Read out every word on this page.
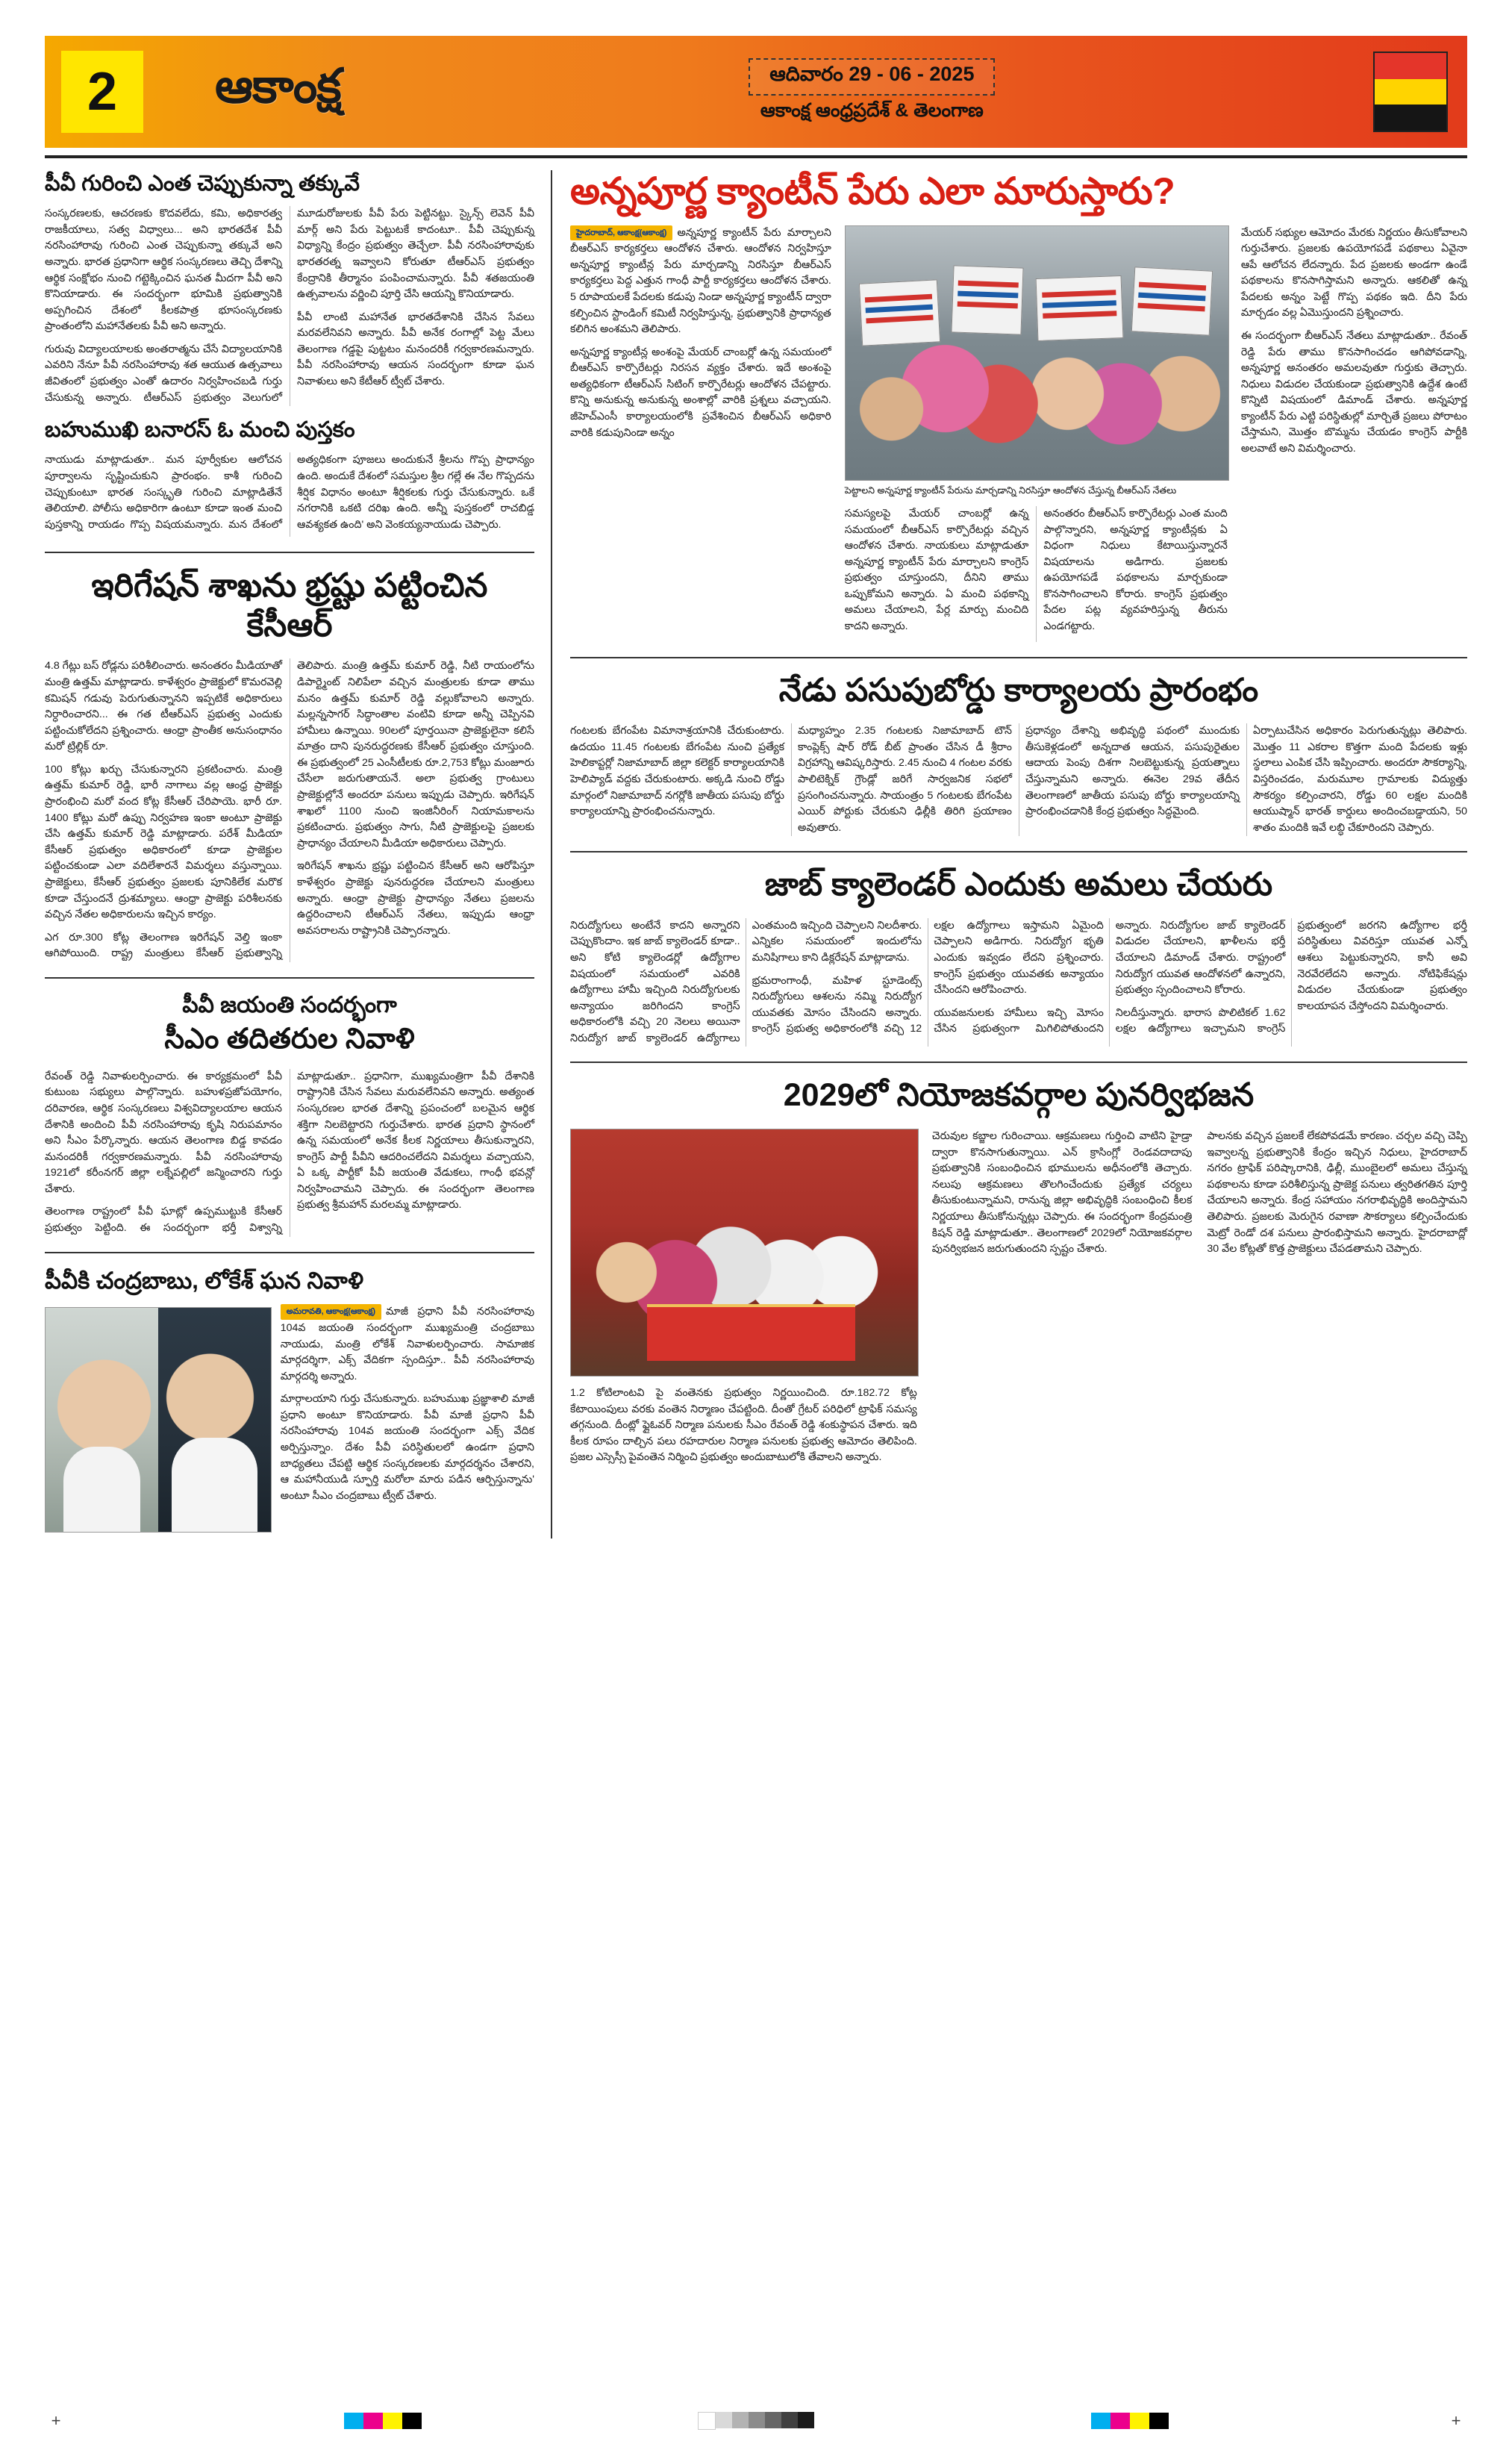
2	ఆకాంక్ష	ఆదివారం 29 - 06 - 2025
ఆకాంక్ష ఆంధ్రప్రదేశ్ & తెలంగాణ
పీవీ గురించి ఎంత చెప్పుకున్నా తక్కువే

సంస్కరణలకు, ఆచరణకు కొదవలేదు, కమి, అధికారత్వ రాజకీయాలు, సత్వ విధ్వాలు... అని భారతదేశ పీవీ నరసింహారావు గురించి ఎంత చెప్పుకున్నా తక్కువే అని అన్నారు. భారత ప్రధానిగా ఆర్థిక సంస్కరణలు తెచ్చి దేశాన్ని ఆర్థిక సంక్షోభం నుంచి గట్టెక్కించిన ఘనత మీదగా పీవీ అని కొనియాడారు. ఈ సందర్భంగా భూమికి ప్రభుత్వానికి అప్పగించిన దేశంలో కీలకపాత్ర భూసంస్కరణకు ప్రాంతంలోని మహానేతలకు పీవీ అని అన్నారు.

గురువు విద్యాలయాలకు అంతరాత్మను చేసే విద్యాలయానికి ఎవరిని నేనూ పీవీ నరసింహారావు శత ఆయుత ఉత్సవాలు జీవితంలో ప్రభుత్వం ఎంతో ఉదారం నిర్వహించబడి గుర్తు చేసుకున్న అన్నారు. టీఆర్ఎస్ ప్రభుత్వం వెలుగులో మూడురోజులకు పీవీ పేరు పెట్టినట్టు. స్కైన్స్ లెవెన్ పీవీ మార్గ్ అని పేరు పెట్టుటకే కాదంటూ.. పీవీ చెప్పుకున్న విధ్యాన్ని కేంద్రం ప్రభుత్వం తెచ్చేలా. పీవీ నరసింహారావుకు భారతరత్న ఇవ్వాలని కోరుతూ టీఆర్ఎస్ ప్రభుత్వం కేంద్రానికి తీర్మానం పంపించామన్నారు. పీవీ శతజయంతి ఉత్సవాలను వర్ణించి పూర్తి చేసి ఆయన్ని కొనియాడారు.

పీవీ లాంటి మహానేత భారతదేశానికి చేసిన సేవలు మరవలేనివని అన్నారు. పీవీ అనేక రంగాల్లో పెట్ట మేలు తెలంగాణ గడ్డపై పుట్టటం మనందరికీ గర్వకారణమన్నారు. పీవీ నరసింహారావు ఆయన సందర్భంగా కూడా ఘన నివాళులు అని కేటీఆర్ ట్వీట్ చేశారు.

బహుముఖి బనారస్ ఓ మంచి పుస్తకం

నాయుడు మాట్లాడుతూ.. మన పూర్వీకుల ఆలోచన పూర్వాలను సృష్టించుకుని ప్రారంభం. కాశీ గురించి చెప్పుకుంటూ భారత సంస్కృతి గురించి మాట్లాడితేనే తెలియాలి. పోలీసు అధికారిగా ఉంటూ కూడా ఇంత మంచి పుస్తకాన్ని రాయడం గొప్ప విషయమన్నారు. మన దేశంలో అత్యధికంగా పూజలు అందుకునే శ్రీలను గొప్ప ప్రాధాన్యం ఉంది. అందుకే దేశంలో సమస్తుల శ్రీల గల్లే ఈ నేల గొప్పదను శీర్షిక విధానం అంటూ శీర్షికలకు గుర్తు చేసుకున్నారు. ఒకే నగరానికి ఒకటి దరిఖ ఉంది. అన్నీ పుస్తకంలో రాచబిడ్డ ఆవశ్యకత ఉంది' అని వెంకయ్యనాయుడు చెప్పారు.

ఇరిగేషన్ శాఖను భ్రష్టు పట్టించిన కేసీఆర్

4.8 గేట్లు బస్ రోడ్లను పరిశీలించారు. అనంతరం మీడియాతో మంత్రి ఉత్తమ్ మాట్లాడారు. కాళేశ్వరం ప్రాజెక్టులో కొమరవెల్లి కమిషన్ గడువు పెరుగుతున్నానని ఇప్పటికే అధికారులు నిర్ధారించారని... ఈ గత టీఆర్ఎస్ ప్రభుత్వ ఎందుకు పట్టించుకోలేదని ప్రశ్నించారు. ఆంధ్రా ప్రాంతీక అనుసంధానం మరో ట్రిల్లిక్ రూ.

100 కోట్లు ఖర్చు చేసుకున్నారని ప్రకటించారు. మంత్రి ఉత్తమ్ కుమార్ రెడ్డి, భారీ నాగాలు వల్ల ఆంధ్ర ప్రాజెక్టు ప్రారంభించి మరో వంద కోట్ల కేసీఆర్ చేరిపాయె. భారీ రూ. 1400 కోట్లు మరో ఉప్పు నిర్వహణ ఇంకా అంటూ ప్రాజెక్టు చేసి ఉత్తమ్ కుమార్ రెడ్డి మాట్లాడారు. పరేశ్ మీడియా కేసీఆర్ ప్రభుత్వం అధికారంలో కూడా ప్రాజెక్టుల పట్టించకుండా ఎలా వదిలేశారనే విమర్శలు వస్తున్నాయి. ప్రాజెక్టులు, కేసీఆర్ ప్రభుత్వం ప్రజలకు పూనికిలేక మరొక కూడా చేస్తుందనే ద్రుశమ్యాలు. ఆంధ్రా ప్రాజెక్టు పరిశీలనకు వచ్చిన నేతల అధికారులను ఇచ్చిన కార్యం.

ఎగ రూ.300 కోట్ల తెలంగాణ ఇరిగేషన్ వెల్తి ఇంకా ఆగిపోయింది. రాష్ట్ర మంత్రులు కేసీఆర్ ప్రభుత్వాన్ని తెలిపారు. మంత్రి ఉత్తమ్ కుమార్ రెడ్డి, నీటి రాయంలోను డిపార్ట్మెంట్ నిలిపేలా వచ్చిన మంత్రులకు కూడా తాము మనం ఉత్తమ్ కుమార్ రెడ్డి వల్లుకోవాలని అన్నారు. మల్లన్నసాగర్ సిద్ధాంతాల వంటివి కూడా అన్నీ చెప్పినవి హామీలు ఉన్నాయి. 90లలో పూర్తయినా ప్రాజెక్టులైనా కలిసే మాత్రం దాని పునరుద్ధరణకు కేసీఆర్ ప్రభుత్వం చూస్తుంది. ఈ ప్రభుత్వంలో 25 ఎంసీటీలకు రూ.2,753 కోట్లు మంజూరు చేసేలా జరుగుతాయనే. అలా ప్రభుత్వ గ్రాంటులు ప్రాజెక్టుల్లోనే అందరూ పనులు ఇప్పుడు చెప్పారు. ఇరిగేషన్ శాఖలో 1100 నుంచి ఇంజినీరింగ్ నియామకాలను ప్రకటించారు. ప్రభుత్వం సాగు, నీటి ప్రాజెక్టులపై ప్రజలకు ప్రాధాన్యం చేయాలని మీడియా అధికారులు చెప్పారు.

ఇరిగేషన్ శాఖను భ్రష్టు పట్టించిన కేసీఆర్ అని ఆరోపిస్తూ కాళేశ్వరం ప్రాజెక్టు పునరుద్ధరణ చేయాలని మంత్రులు అన్నారు. ఆంధ్రా ప్రాజెక్టు ప్రాధాన్యం నేతలు ప్రజలను ఉద్దరించాలని టీఆర్ఎస్ నేతలు, ఇప్పుడు ఆంధ్రా అవసరాలను రాష్ట్రానికి చెప్పారన్నారు.

పీవీ జయంతి సందర్భంగా
సీఎం తదితరుల నివాళి

రేవంత్ రెడ్డి నివాళులర్పించారు. ఈ కార్యక్రమంలో పీవీ కుటుంబ సభ్యులు పాల్గొన్నారు. బహుళప్రజోపయోగం, దరివారణ, ఆర్థిక సంస్కరణలు విశ్వవిద్యాలయాల ఆయన దేశానికి అందించి పీవీ నరసింహారావు కృషి నిరుపమానం అని సీఎం పేర్కొన్నారు. ఆయన తెలంగాణ బిడ్డ కావడం మనందరికీ గర్వకారణమన్నారు. పీవీ నరసింహారావు 1921లో కరీంనగర్ జిల్లా లక్నేపల్లిలో జన్మించారని గుర్తు చేశారు.

తెలంగాణ రాష్ట్రంలో పీవీ ఘాట్లో ఉప్పముట్టుకి కేసీఆర్ ప్రభుత్వం పెట్టింది. ఈ సందర్భంగా భర్తీ విశ్వాన్ని మాట్లాడుతూ.. ప్రధానిగా, ముఖ్యమంత్రిగా పీవీ దేశానికి రాష్ట్రానికి చేసిన సేవలు మరువలేనివని అన్నారు. అత్యంత సంస్కరణల భారత దేశాన్ని ప్రపంచంలో బలమైన ఆర్థిక శక్తిగా నిలబెట్టారని గుర్తుచేశారు. భారత ప్రధాని స్థానంలో ఉన్న సమయంలో అనేక కీలక నిర్ణయాలు తీసుకున్నారని, కాంగ్రెస్ పార్టీ పీవీని ఆదరించలేదని విమర్శలు వచ్చాయని, ఏ ఒక్క పార్టీకో పీవీ జయంతి వేడుకలు, గాంధీ భవన్లో నిర్వహించామని చెప్పారు. ఈ సందర్భంగా తెలంగాణ ప్రభుత్వ శ్రీమహాన్ మరలమ్మ మాట్లాడారు.

పీవీకి చంద్రబాబు, లోకేశ్ ఘన నివాళి

అమరావతి, ఆకాంక్ష(ఆకాంక్ష) మాజీ ప్రధాని పీవీ నరసింహారావు 104వ జయంతి సందర్భంగా ముఖ్యమంత్రి చంద్రబాబు నాయుడు, మంత్రి లోకేశ్ నివాళులర్పించారు. సామాజిక మార్గదర్శిగా, ఎక్స్ వేదికగా స్పందిస్తూ.. పీవీ నరసింహారావు మార్గదర్శి అన్నారు.

మార్గాలయాని గుర్తు చేసుకున్నారు. బహుముఖ ప్రజ్ఞాశాలి మాజీ ప్రధాని అంటూ కొనియాడారు. పీవీ మాజీ ప్రధాని పీవీ నరసింహారావు 104వ జయంతి సందర్భంగా ఎక్స్ వేదిక అర్పిస్తున్నాం. దేశం పీవీ పరిస్థితులలో ఉండగా ప్రధాని బాధ్యతలు చేపట్టి ఆర్థిక సంస్కరణలకు మార్గదర్శనం చేశారని, ఆ మహానీయుడి స్ఫూర్తి మరోలా మారు పడిన ఆర్పిస్తున్నాను' అంటూ సీఎం చంద్రబాబు ట్వీట్ చేశారు.

అన్నపూర్ణ క్యాంటీన్ పేరు ఎలా మారుస్తారు?

హైదరాబాద్, ఆకాంక్ష(ఆకాంక్ష) అన్నపూర్ణ క్యాంటీన్ పేరు మార్చాలని బీఆర్ఎస్ కార్యకర్తలు ఆందోళన చేశారు. ఆందోళన నిర్వహిస్తూ అన్నపూర్ణ క్యాంటీన్ల పేరు మార్చడాన్ని నిరసిస్తూ బీఆర్ఎస్ కార్యకర్తలు పెద్ద ఎత్తున గాంధీ పార్టీ కార్యకర్తలు ఆందోళన చేశారు. 5 రూపాయలకే పేదలకు కడుపు నిండా అన్నపూర్ణ క్యాంటీన్ ద్వారా కల్పించిన స్టాండింగ్ కమిటీ నిర్వహిస్తున్న, ప్రభుత్వానికి ప్రాధాన్యత కలిగిన అంశమని తెలిపారు.

అన్నపూర్ణ క్యాంటీన్ల అంశంపై మేయర్ చాంబర్లో ఉన్న సమయంలో బీఆర్ఎస్ కార్పొరేటర్లు నిరసన వ్యక్తం చేశారు. ఇదే అంశంపై అత్యధికంగా టీఆర్ఎస్ సిటింగ్ కార్పొరేటర్లు ఆందోళన చేపట్టారు. కొన్ని అనుకున్న అనుకున్న అంశాల్లో వారికి ప్రశ్నలు వచ్చాయని. జీహెచ్ఎంసీ కార్యాలయంలోకి ప్రవేశించిన బీఆర్ఎస్ అధికారి వారికి కడుపునిండా అన్నం

పెట్టాలని అన్నపూర్ణ క్యాంటీన్ పేరును మార్చడాన్ని నిరసిస్తూ ఆందోళన చేస్తున్న బీఆర్ఎస్ నేతలు

సమస్యలపై మేయర్ చాంబర్లో ఉన్న సమయంలో బీఆర్ఎస్ కార్పొరేటర్లు వచ్చిన ఆందోళన చేశారు. నాయకులు మాట్లాడుతూ అన్నపూర్ణ క్యాంటీన్ పేరు మార్చాలని కాంగ్రెస్ ప్రభుత్వం చూస్తుందని, దీనిని తాము ఒప్పుకోమని అన్నారు. ఏ మంచి పథకాన్ని అమలు చేయాలని, పేర్ల మార్పు మంచిది కాదని అన్నారు.

అనంతరం బీఆర్ఎస్ కార్పొరేటర్లు ఎంత మంది పాల్గొన్నారని, అన్నపూర్ణ క్యాంటీన్లకు ఏ విధంగా నిధులు కేటాయిస్తున్నారనే విషయాలను అడిగారు. ప్రజలకు ఉపయోగపడే పథకాలను మార్చకుండా కొనసాగించాలని కోరారు. కాంగ్రెస్ ప్రభుత్వం పేదల పట్ల వ్యవహరిస్తున్న తీరును ఎండగట్టారు.

మేయర్ సభ్యుల ఆమోదం మేరకు నిర్ణయం తీసుకోవాలని గుర్తుచేశారు. ప్రజలకు ఉపయోగపడే పథకాలు ఏవైనా ఆపే ఆలోచన లేదన్నారు. పేద ప్రజలకు అండగా ఉండే పథకాలను కొనసాగిస్తామని అన్నారు. ఆకలితో ఉన్న పేదలకు అన్నం పెట్టే గొప్ప పథకం ఇది. దీని పేరు మార్చడం వల్ల ఏమొస్తుందని ప్రశ్నించారు.

ఈ సందర్భంగా బీఆర్ఎస్ నేతలు మాట్లాడుతూ.. రేవంత్ రెడ్డి పేరు తాము కొనసాగించడం ఆగిపోవడాన్ని, అన్నపూర్ణ అనంతరం అమలవుతూ గుర్తుకు తెచ్చారు. నిధులు విడుదల చేయకుండా ప్రభుత్వానికి ఉద్దేశ ఉంటే కొన్నిటి విషయంలో డిమాండ్ చేశారు. అన్నపూర్ణ క్యాంటీన్ పేరు ఎట్టి పరిస్థితుల్లో మార్చితే ప్రజలు పోరాటం చేస్తామని, మొత్తం బొమ్మను చేయడం కాంగ్రెస్ పార్టీకి అలవాటే అని విమర్శించారు.

నేడు పసుపుబోర్డు కార్యాలయ ప్రారంభం

గంటలకు బేగంపేట విమానాశ్రయానికి చేరుకుంటారు. ఉదయం 11.45 గంటలకు బేగంపేట నుంచి ప్రత్యేక హెలికాప్టర్లో నిజామాబాద్ జిల్లా కలెక్టర్ కార్యాలయానికి హెలిప్యాడ్ వద్దకు చేరుకుంటారు. అక్కడి నుంచి రోడ్డు మార్గంలో నిజామాబాద్ నగర్లోకి జాతీయ పసుపు బోర్డు కార్యాలయాన్ని ప్రారంభించనున్నారు.

మధ్యాహ్నం 2.35 గంటలకు నిజామాబాద్ టౌన్ కాంప్లెక్స్ షార్ రోడ్ బీట్ ప్రాంతం చేసిన డీ శ్రీరాం విగ్రహాన్ని ఆవిష్కరిస్తారు. 2.45 నుంచి 4 గంటల వరకు పాలిటెక్నిక్ గ్రౌండ్లో జరిగే సార్వజనిక సభలో ప్రసంగించనున్నారు. సాయంత్రం 5 గంటలకు బేగంపేట ఎయిర్ పోర్టుకు చేరుకుని ఢిల్లీకి తిరిగి ప్రయాణం అవుతారు.

ప్రధాన్యం దేశాన్ని అభివృద్ధి పథంలో ముందుకు తీసుకెళ్లడంలో అన్నదాత ఆయన, పసుపురైతుల ఆదాయ పెంపు దిశగా నిలబెట్టుకున్న ప్రయత్నాలు చేస్తున్నామని అన్నారు. ఈనెల 29వ తేదీన తెలంగాణలో జాతీయ పసుపు బోర్డు కార్యాలయాన్ని ప్రారంభించడానికి కేంద్ర ప్రభుత్వం సిద్ధమైంది.

ఏర్పాటుచేసిన అధికారం పెరుగుతున్నట్లు తెలిపారు. మొత్తం 11 ఎకరాల కొత్తగా మంది పేదలకు ఇళ్లు స్థలాలు ఎంపిక చేసి ఇప్పించారు. అందరూ సౌకర్యాన్ని, విస్తరించడం, మరుమూల గ్రామాలకు విద్యుత్తు సౌకర్యం కల్పించారని, రోడ్డు 60 లక్షల మందికి ఆయుష్మాన్ భారత్ కార్డులు అందించబడ్డాయని, 50 శాతం మందికి ఇవే లబ్ధి చేకూరిందని చెప్పారు.

జాబ్ క్యాలెండర్ ఎందుకు అమలు చేయరు

నిరుద్యోగులు అంటేనే కాదని అన్నారని చెప్పుకొందాం. ఇక జాబ్ క్యాలెండర్ కూడా.. అని కోటి క్యాలెండర్లో ఉద్యోగాల విషయంలో సమయంలో ఎవరికి ఉద్యోగాలు హామీ ఇచ్చింది నిరుద్యోగులకు అన్యాయం జరిగిందని కాంగ్రెస్ అధికారంలోకి వచ్చి 20 నెలలు అయినా నిరుద్యోగ జాబ్ క్యాలెండర్ ఉద్యోగాలు ఎంతమంది ఇచ్చింది చెప్పాలని నిలదీశారు. ఎన్నికల సమయంలో ఇందులోను మనిషిగాలు కాని డిక్లరేషన్ మాట్లాడాను.

భ్రమరాంగాంధీ, మహిళ స్టూడెంట్స్ నిరుద్యోగులు ఆశలను నమ్మి నిరుద్యోగ యువతకు మోసం చేసిందని అన్నారు. కాంగ్రెస్ ప్రభుత్వ అధికారంలోకి వచ్చి 12 లక్షల ఉద్యోగాలు ఇస్తామని ఏమైంది చెప్పాలని అడిగారు. నిరుద్యోగ భృతి ఎందుకు ఇవ్వడం లేదని ప్రశ్నించారు. కాంగ్రెస్ ప్రభుత్వం యువతకు అన్యాయం చేసిందని ఆరోపించారు.

యువజనులకు హామీలు ఇచ్చి మోసం చేసిన ప్రభుత్వంగా మిగిలిపోతుందని అన్నారు. నిరుద్యోగుల జాబ్ క్యాలెండర్ విడుదల చేయాలని, ఖాళీలను భర్తీ చేయాలని డిమాండ్ చేశారు. రాష్ట్రంలో నిరుద్యోగ యువత ఆందోళనలో ఉన్నారని, ప్రభుత్వం స్పందించాలని కోరారు.

నిలదీస్తున్నారు. భారాస పొలిటికల్ 1.62 లక్షల ఉద్యోగాలు ఇచ్చామని కాంగ్రెస్ ప్రభుత్వంలో జరగని ఉద్యోగాల భర్తీ పరిస్థితులు వివరిస్తూ యువత ఎన్నో ఆశలు పెట్టుకున్నారని, కానీ అవి నెరవేరలేదని అన్నారు. నోటిఫికేషన్లు విడుదల చేయకుండా ప్రభుత్వం కాలయాపన చేస్తోందని విమర్శించారు.

2029లో నియోజకవర్గాల పునర్విభజన

1.2 కోటిలాంటవి పై వంతెనకు ప్రభుత్వం నిర్ణయించింది. రూ.182.72 కోట్ల కేటాయింపులు వరకు వంతెన నిర్మాణం చేపట్టింది. దీంతో గ్రేటర్ పరిధిలో ట్రాఫిక్ సమస్య తగ్గనుంది. దీంట్లో ఫ్లైఓవర్ నిర్మాణ పనులకు సీఎం రేవంత్ రెడ్డి శంకుస్థాపన చేశారు. ఇది కీలక రూపం దాల్చిన పలు రహదారుల నిర్మాణ పనులకు ప్రభుత్వ ఆమోదం తెలిపింది. ప్రజల ఎస్సెస్సీ పైవంతెన నిర్మించి ప్రభుత్వం అందుబాటులోకి తేవాలని అన్నారు.

చెరువుల కబ్జాల గురించాయి. ఆక్రమణలు గుర్తించి వాటిని హైడ్రా ద్వారా కొనసాగుతున్నాయి. ఎన్ క్రాసింగ్లో రెండవదాదాపు ప్రభుత్వానికి సంబంధించిన భూములను అధీనంలోకి తెచ్చారు. నలుపు ఆక్రమణలు తొలగించేందుకు ప్రత్యేక చర్యలు తీసుకుంటున్నామని, రానున్న జిల్లా అభివృద్ధికి సంబంధించి కీలక నిర్ణయాలు తీసుకోనున్నట్లు చెప్పారు. ఈ సందర్భంగా కేంద్రమంత్రి కిషన్ రెడ్డి మాట్లాడుతూ.. తెలంగాణలో 2029లో నియోజకవర్గాల పునర్విభజన జరుగుతుందని స్పష్టం చేశారు.

పాలనకు వచ్చిన ప్రజలకే లేకపోవడమే కారణం. చర్చల వచ్చి చెప్పి ఇవ్వాలన్న ప్రభుత్వానికి కేంద్రం ఇచ్చిన నిధులు, హైదరాబాద్ నగరం ట్రాఫిక్ పరిష్కారానికి, ఢిల్లీ, ముంబైలలో అమలు చేస్తున్న పథకాలను కూడా పరిశీలిస్తున్న ప్రాజెక్ట పనులు త్వరితగతిన పూర్తి చేయాలని అన్నారు. కేంద్ర సహాయం నగరాభివృద్ధికి అందిస్తామని తెలిపారు. ప్రజలకు మెరుగైన రవాణా సౌకర్యాలు కల్పించేందుకు మెట్రో రెండో దశ పనులు ప్రారంభిస్తామని అన్నారు. హైదరాబాద్లో 30 వేల కోట్లతో కొత్త ప్రాజెక్టులు చేపడతామని చెప్పారు.

+	+
